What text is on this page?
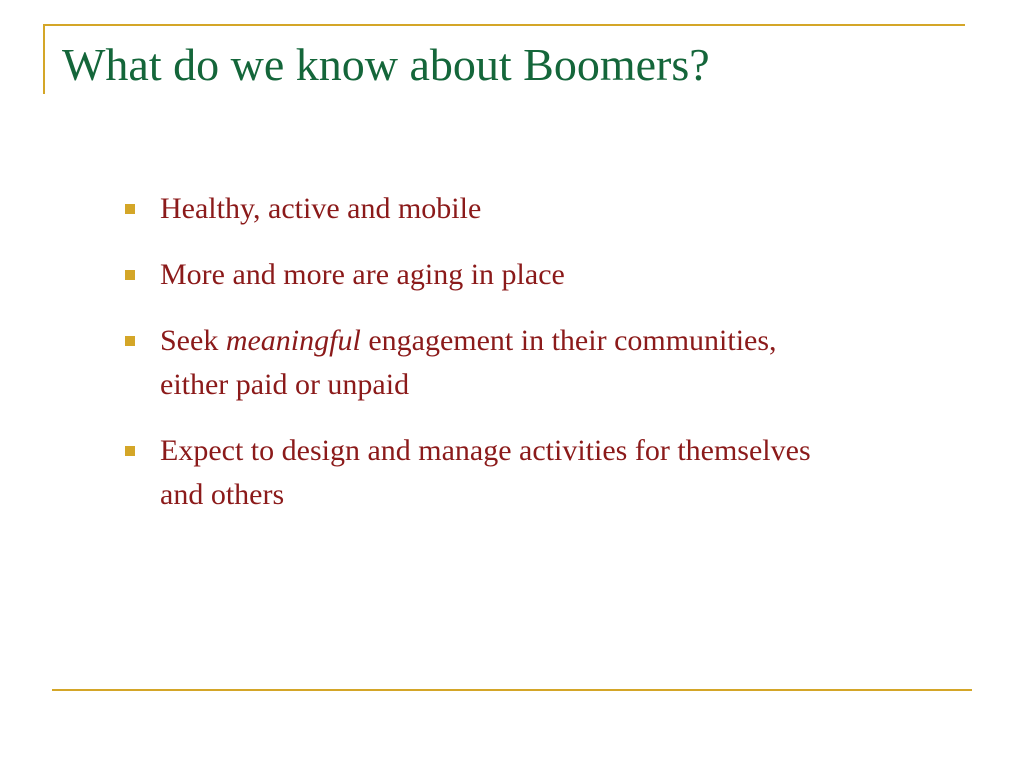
What do we know about Boomers?
Healthy, active and mobile
More and more are aging in place
Seek meaningful engagement in their communities, either paid or unpaid
Expect to design and manage activities for themselves and others
